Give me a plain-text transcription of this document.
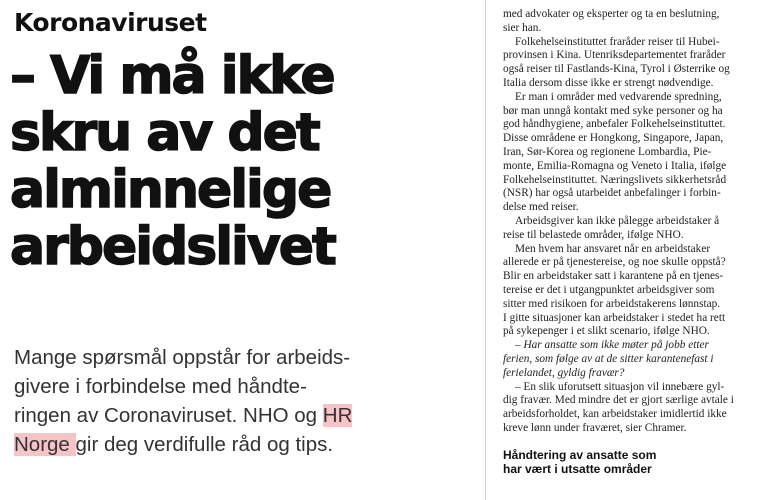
Koronaviruset
– Vi må ikke
skru av det
alminnelige
arbeidslivet
Mange spørsmål oppstår for arbeids-
givere i forbindelse med håndte-
ringen av Coronaviruset. NHO og HR
Norge gir deg verdifulle råd og tips.
med advokater og eksperter og ta en beslutning,
sier han.
Folkehelseinstituttet fraråder reiser til Hubei-
provinsen i Kina. Utenriksdepartementet fraråder
også reiser til Fastlands-Kina, Tyrol i Østerrike og
Italia dersom disse ikke er strengt nødvendige.
Er man i områder med vedvarende spredning,
bør man unngå kontakt med syke personer og ha
god håndhygiene, anbefaler Folkehelseinstituttet.
Disse områdene er Hongkong, Singapore, Japan,
Iran, Sør-Korea og regionene Lombardia, Pie-
monte, Emilia-Romagna og Veneto i Italia, ifølge
Folkehelseinstituttet. Næringslivets sikkerhetsråd
(NSR) har også utarbeidet anbefalinger i forbin-
delse med reiser.
Arbeidsgiver kan ikke pålegge arbeidstaker å
reise til belastede områder, ifølge NHO.
Men hvem har ansvaret når en arbeidstaker
allerede er på tjenestereise, og noe skulle oppstå?
Blir en arbeidstaker satt i karantene på en tjenes-
tereise er det i utgangpunktet arbeidsgiver som
sitter med risikoen for arbeidstakerens lønnstap.
I gitte situasjoner kan arbeidstaker i stedet ha rett
på sykepenger i et slikt scenario, ifølge NHO.
– Har ansatte som ikke møter på jobb etter
ferien, som følge av at de sitter karantenefast i
ferielandet, gyldig fravær?
– En slik uforutsett situasjon vil innebære gyl-
dig fravær. Med mindre det er gjort særlige avtale i
arbeidsforholdet, kan arbeidstaker imidlertid ikke
kreve lønn under fraværet, sier Chramer.
Håndtering av ansatte som
har vært i utsatte områder
